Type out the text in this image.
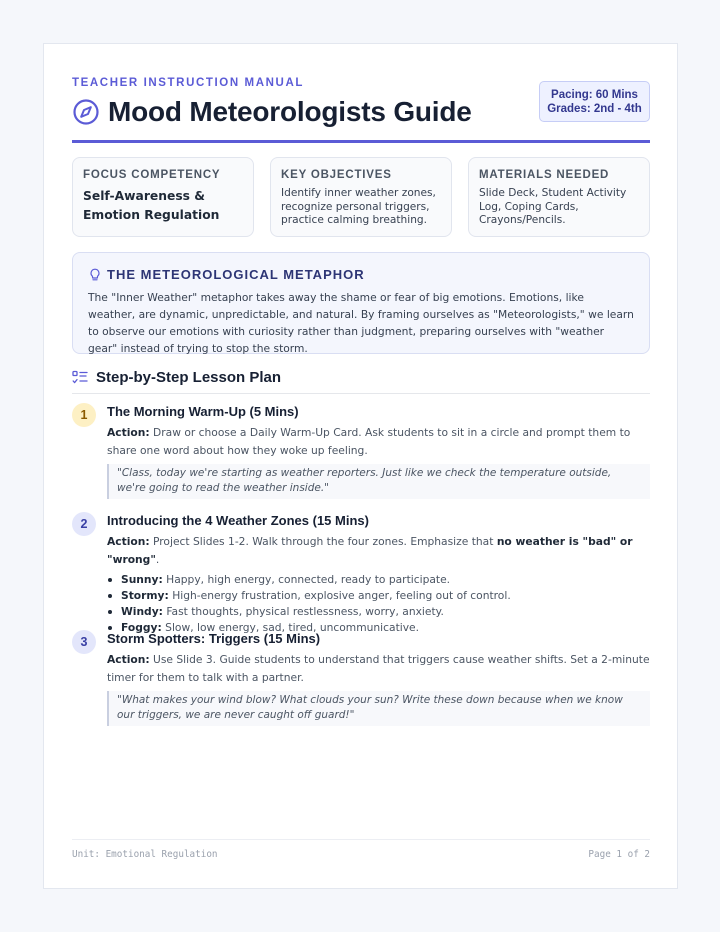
TEACHER INSTRUCTION MANUAL
Mood Meteorologists Guide
Pacing: 60 Mins
Grades: 2nd - 4th
FOCUS COMPETENCY
Self-Awareness & Emotion Regulation
KEY OBJECTIVES
Identify inner weather zones, recognize personal triggers, practice calming breathing.
MATERIALS NEEDED
Slide Deck, Student Activity Log, Coping Cards, Crayons/Pencils.
THE METEOROLOGICAL METAPHOR

The "Inner Weather" metaphor takes away the shame or fear of big emotions. Emotions, like weather, are dynamic, unpredictable, and natural. By framing ourselves as "Meteorologists," we learn to observe our emotions with curiosity rather than judgment, preparing ourselves with "weather gear" instead of trying to stop the storm.

Step-by-Step Lesson Plan
1	The Morning Warm-Up (5 Mins)

Action: Draw or choose a Daily Warm-Up Card. Ask students to sit in a circle and prompt them to share one word about how they woke up feeling.

"Class, today we're starting as weather reporters. Just like we check the temperature outside, we're going to read the weather inside."
2	Introducing the 4 Weather Zones (15 Mins)

Action: Project Slides 1-2. Walk through the four zones. Emphasize that no weather is "bad" or "wrong".

Sunny: Happy, high energy, connected, ready to participate.
Stormy: High-energy frustration, explosive anger, feeling out of control.
Windy: Fast thoughts, physical restlessness, worry, anxiety.
Foggy: Slow, low energy, sad, tired, uncommunicative.
3	Storm Spotters: Triggers (15 Mins)

Action: Use Slide 3. Guide students to understand that triggers cause weather shifts. Set a 2-minute timer for them to talk with a partner.

"What makes your wind blow? What clouds your sun? Write these down because when we know our triggers, we are never caught off guard!"
Unit: Emotional Regulation	Page 1 of 2
